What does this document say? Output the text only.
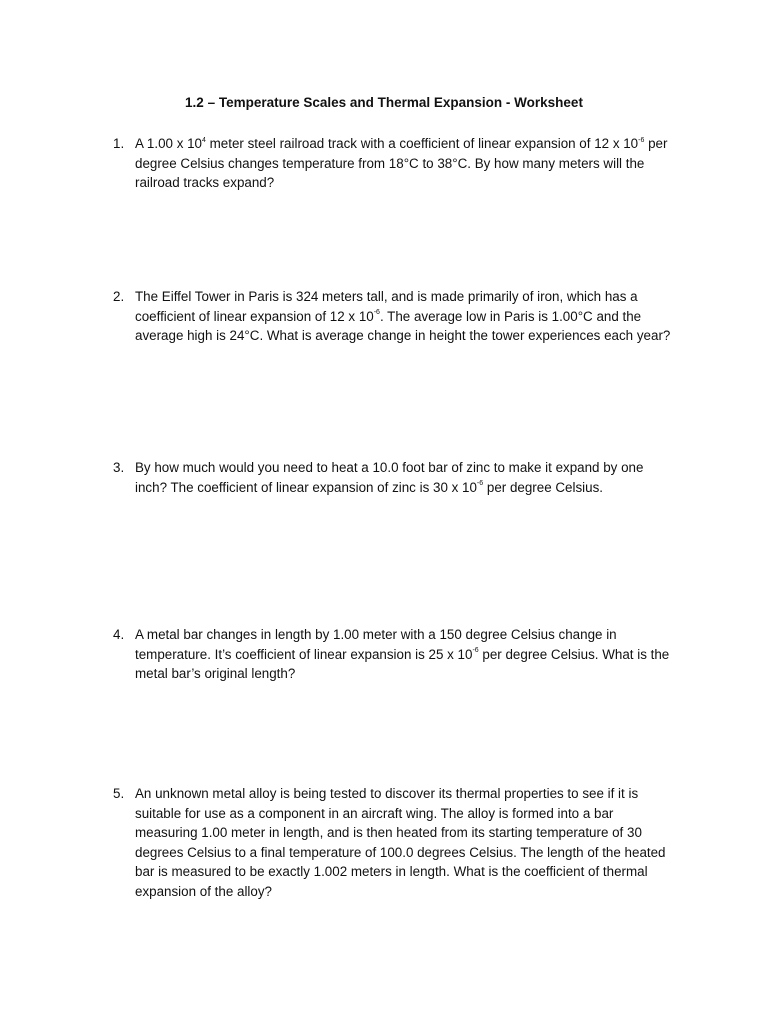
1.2 – Temperature Scales and Thermal Expansion - Worksheet
1. A 1.00 x $10^4$ meter steel railroad track with a coefficient of linear expansion of 12 x $10^{-6}$ per degree Celsius changes temperature from 18°C to 38°C. By how many meters will the railroad tracks expand?
2. The Eiffel Tower in Paris is 324 meters tall, and is made primarily of iron, which has a coefficient of linear expansion of 12 x $10^{-6}$. The average low in Paris is 1.00°C and the average high is 24°C. What is average change in height the tower experiences each year?
3. By how much would you need to heat a 10.0 foot bar of zinc to make it expand by one inch? The coefficient of linear expansion of zinc is 30 x $10^{-6}$ per degree Celsius.
4. A metal bar changes in length by 1.00 meter with a 150 degree Celsius change in temperature. It’s coefficient of linear expansion is 25 x $10^{-6}$ per degree Celsius. What is the metal bar’s original length?
5. An unknown metal alloy is being tested to discover its thermal properties to see if it is suitable for use as a component in an aircraft wing. The alloy is formed into a bar measuring 1.00 meter in length, and is then heated from its starting temperature of 30 degrees Celsius to a final temperature of 100.0 degrees Celsius. The length of the heated bar is measured to be exactly 1.002 meters in length. What is the coefficient of thermal expansion of the alloy?
